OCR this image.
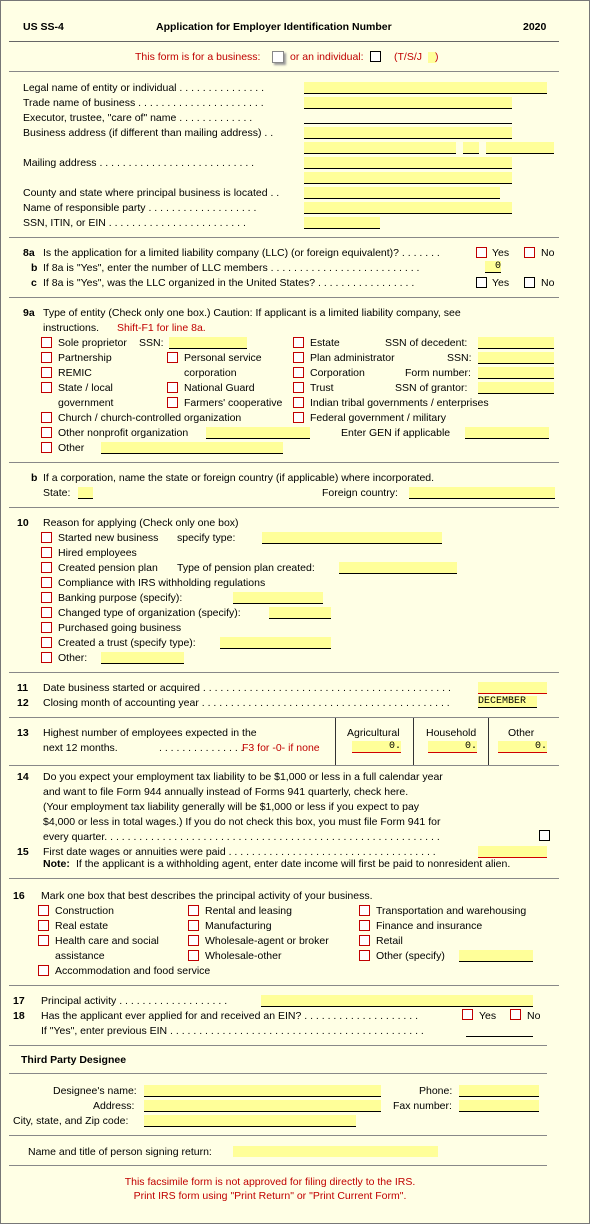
US SS-4	Application for Employer Identification Number	2020
This form is for a business:	or an individual:	(T/S/J )
Legal name of entity or individual . . . . . . . . . . . . . . .
Trade name of business . . . . . . . . . . . . . . . . . . . . . .
Executor, trustee, "care of" name . . . . . . . . . . . . .
Business address (if different than mailing address) . .
Mailing address . . . . . . . . . . . . . . . . . . . . . . . . . . .
County and state where principal business is located . .
Name of responsible party . . . . . . . . . . . . . . . . . . .
SSN, ITIN, or EIN . . . . . . . . . . . . . . . . . . . . . . . .
8a Is the application for a limited liability company (LLC) (or foreign equivalent)? . . . . . . .	Yes	No
b If 8a is "Yes", enter the number of LLC members . . . . . . . . . . . . . . . . . . . . . . . . . .	0
c If 8a is "Yes", was the LLC organized in the United States? . . . . . . . . . . . . . . . . .	Yes	No
9a Type of entity (Check only one box.) Caution: If applicant is a limited liability company, see
instructions. Shift-F1 for line 8a.
Sole proprietor SSN:	Estate	SSN of decedent:
Partnership	Personal service	Plan administrator	SSN:
corporation
REMIC	Corporation	Form number:
State / local	National Guard	Trust	SSN of grantor:
government	Farmers' cooperative	Indian tribal governments / enterprises
Church / church-controlled organization	Federal government / military
Other nonprofit organization	Enter GEN if applicable
Other
b If a corporation, name the state or foreign country (if applicable) where incorporated.
State:	Foreign country:
10 Reason for applying (Check only one box)
Started new business specify type:
Hired employees
Created pension plan Type of pension plan created:
Compliance with IRS withholding regulations
Banking purpose (specify):
Changed type of organization (specify):
Purchased going business
Created a trust (specify type):
Other:
11 Date business started or acquired . . . . . . . . . . . . . . . . . . . . . . . . . . . . . . . . . . . . . . . . . . .
12 Closing month of accounting year . . . . . . . . . . . . . . . . . . . . . . . . . . . . . . . . . . . . . . . . . . .	DECEMBER
13 Highest number of employees expected in the
next 12 months.	. . . . . . . . . . . . . . .
F3 for -0- if none
Agricultural	Household	Other
0.	0.	0.
14 Do you expect your employment tax liability to be $1,000 or less in a full calendar year
and want to file Form 944 annually instead of Forms 941 quarterly, check here.
(Your employment tax liability generally will be $1,000 or less if you expect to pay
$4,000 or less in total wages.) If you do not check this box, you must file Form 941 for
every quarter. . . . . . . . . . . . . . . . . . . . . . . . . . . . . . . . . . . . . . . . . . . . . . . . . . . . . . . . . .
15 First date wages or annuities were paid . . . . . . . . . . . . . . . . . . . . . . . . . . . . . . . . . . . .
Note: If the applicant is a withholding agent, enter date income will first be paid to nonresident alien.
16 Mark one box that best describes the principal activity of your business.
Construction	Rental and leasing	Transportation and warehousing
Real estate	Manufacturing	Finance and insurance
Health care and social	Wholesale-agent or broker	Retail
assistance	Wholesale-other	Other (specify)
Accommodation and food service
17 Principal activity . . . . . . . . . . . . . . . . . . .
18 Has the applicant ever applied for and received an EIN? . . . . . . . . . . . . . . . . . . . .	Yes	No
If "Yes", enter previous EIN . . . . . . . . . . . . . . . . . . . . . . . . . . . . . . . . . . . . . . . . . . . .
Third Party Designee
Designee's name:	Phone:
Address:	Fax number:
City, state, and Zip code:
Name and title of person signing return:
This facsimile form is not approved for filing directly to the IRS.
Print IRS form using "Print Return" or "Print Current Form".
